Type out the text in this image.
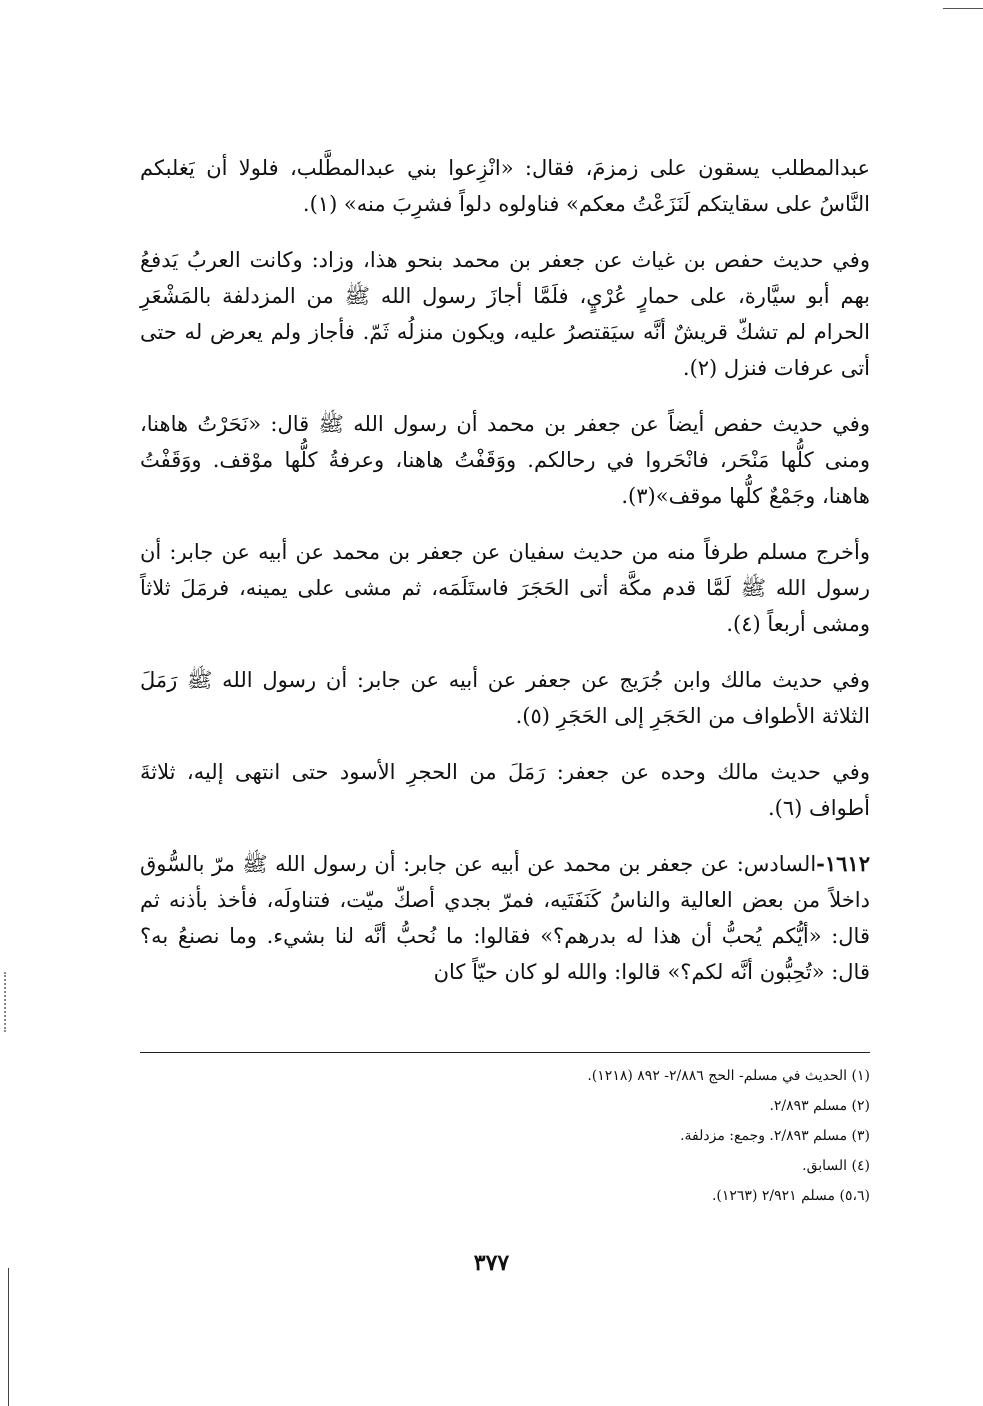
عبدالمطلب يسقون على زمزمَ، فقال: «انْزِعوا بني عبدالمطَّلب، فلولا أن يَغلبكم النَّاسُ على سقايتكم لَنَزَعْتُ معكم» فناولوه دلواً فشرِبَ منه» (١).

وفي حديث حفص بن غياث عن جعفر بن محمد بنحو هذا، وزاد: وكانت العربُ يَدفعُ بهم أبو سيَّارة، على حمارٍ عُرْيٍ، فلَمَّا أجازَ رسول الله ﷺ من المزدلفة بالمَشْعَرِ الحرام لم تشكّ قريشٌ أنَّه سيَقتصرُ عليه، ويكون منزلُه ثَمّ. فأجاز ولم يعرض له حتى أتى عرفات فنزل (٢).

وفي حديث حفص أيضاً عن جعفر بن محمد أن رسول الله ﷺ قال: «نَحَرْتُ هاهنا، ومنى كلُّها مَنْحَر، فانْحَروا في رحالكم. ووَقَفْتُ هاهنا، وعرفةُ كلُّها موْقف. ووَقَفْتُ هاهنا، وجَمْعٌ كلُّها موقف»(٣).

وأخرج مسلم طرفاً منه من حديث سفيان عن جعفر بن محمد عن أبيه عن جابر: أن رسول الله ﷺ لَمَّا قدم مكَّة أتى الحَجَرَ فاستَلَمَه، ثم مشى على يمينه، فرمَلَ ثلاثاً ومشى أربعاً (٤).

وفي حديث مالك وابن جُرَيج عن جعفر عن أبيه عن جابر: أن رسول الله ﷺ رَمَلَ الثلاثة الأطواف من الحَجَرِ إلى الحَجَرِ (٥).

وفي حديث مالك وحده عن جعفر: رَمَلَ من الحجرِ الأسود حتى انتهى إليه، ثلاثةَ أطواف (٦).

١٦١٢-السادس: عن جعفر بن محمد عن أبيه عن جابر: أن رسول الله ﷺ مرّ بالسُّوق داخلاً من بعض العالية والناسُ كَنَفَتَيه، فمرّ بجدي أصكّ ميّت، فتناولَه، فأخذ بأذنه ثم قال: «أيُّكم يُحبُّ أن هذا له بدرهم؟» فقالوا: ما نُحبُّ أنَّه لنا بشيء. وما نصنعُ به؟ قال: «تُحِبُّون أنَّه لكم؟» قالوا: والله لو كان حيّاً كان

(١) الحديث في مسلم- الحج ٢/٨٨٦- ٨٩٢ (١٢١٨).

(٢) مسلم ٢/٨٩٣.

(٣) مسلم ٢/٨٩٣. وجمع: مزدلفة.

(٤) السابق.

(٥،٦) مسلم ٢/٩٢١ (١٢٦٣).

٣٧٧
